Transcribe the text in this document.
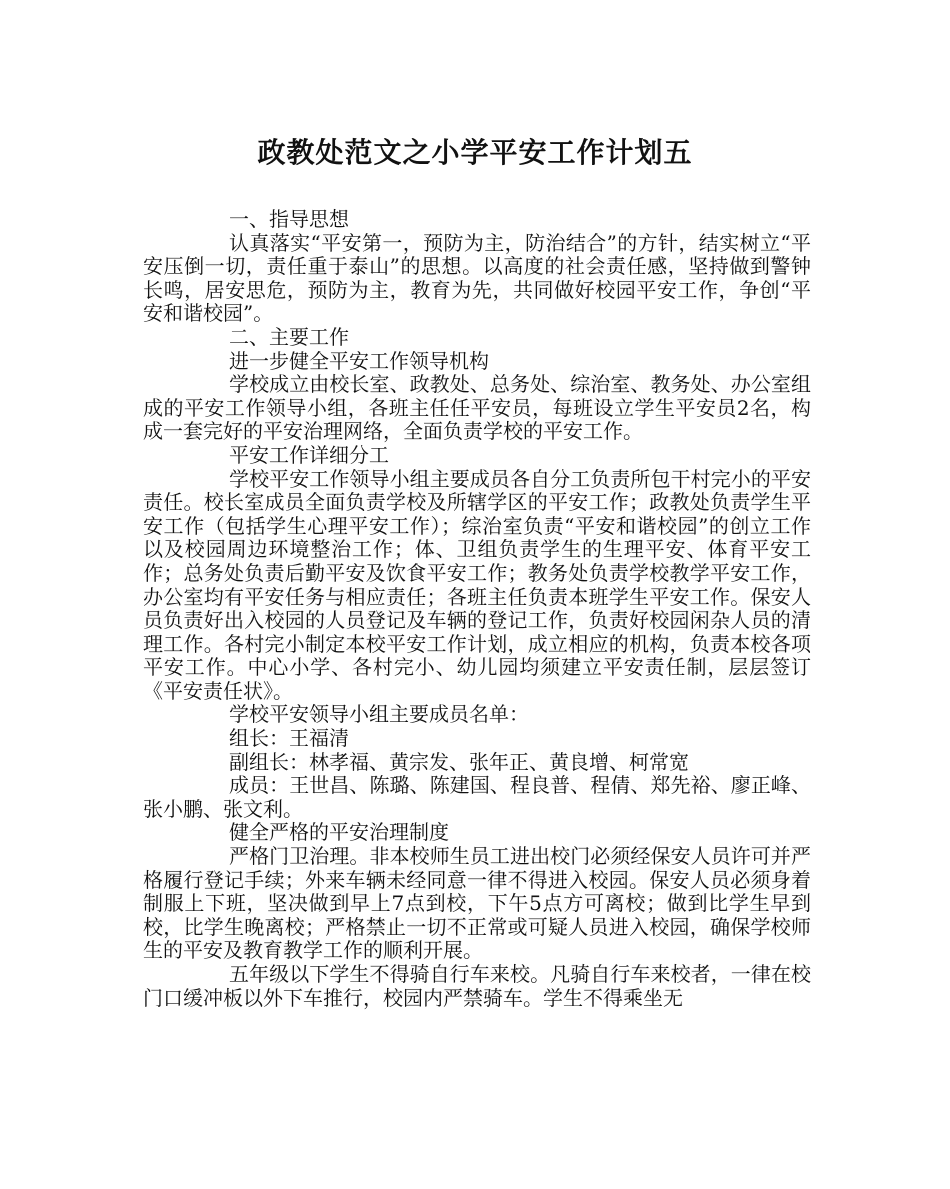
政教处范文之小学平安工作计划五

一、指导思想

认真落实“平安第一，预防为主，防治结合”的方针，结实树立“平安压倒一切，责任重于泰山”的思想。以高度的社会责任感，坚持做到警钟长鸣，居安思危，预防为主，教育为先，共同做好校园平安工作，争创“平安和谐校园”。

二、主要工作

进一步健全平安工作领导机构

学校成立由校长室、政教处、总务处、综治室、教务处、办公室组成的平安工作领导小组，各班主任任平安员，每班设立学生平安员2名，构成一套完好的平安治理网络，全面负责学校的平安工作。

平安工作详细分工

学校平安工作领导小组主要成员各自分工负责所包干村完小的平安责任。校长室成员全面负责学校及所辖学区的平安工作；政教处负责学生平安工作（包括学生心理平安工作）；综治室负责“平安和谐校园”的创立工作以及校园周边环境整治工作；体、卫组负责学生的生理平安、体育平安工作；总务处负责后勤平安及饮食平安工作；教务处负责学校教学平安工作，办公室均有平安任务与相应责任；各班主任负责本班学生平安工作。保安人员负责好出入校园的人员登记及车辆的登记工作，负责好校园闲杂人员的清理工作。各村完小制定本校平安工作计划，成立相应的机构，负责本校各项平安工作。中心小学、各村完小、幼儿园均须建立平安责任制，层层签订《平安责任状》。

学校平安领导小组主要成员名单：

组长：王福清

副组长：林孝福、黄宗发、张年正、黄良增、柯常宽

成员：王世昌、陈璐、陈建国、程良普、程倩、郑先裕、廖正峰、张小鹏、张文利。

健全严格的平安治理制度

严格门卫治理。非本校师生员工进出校门必须经保安人员许可并严格履行登记手续；外来车辆未经同意一律不得进入校园。保安人员必须身着制服上下班，坚决做到早上7点到校，下午5点方可离校；做到比学生早到校，比学生晚离校；严格禁止一切不正常或可疑人员进入校园，确保学校师生的平安及教育教学工作的顺利开展。

五年级以下学生不得骑自行车来校。凡骑自行车来校者，一律在校门口缓冲板以外下车推行，校园内严禁骑车。学生不得乘坐无
